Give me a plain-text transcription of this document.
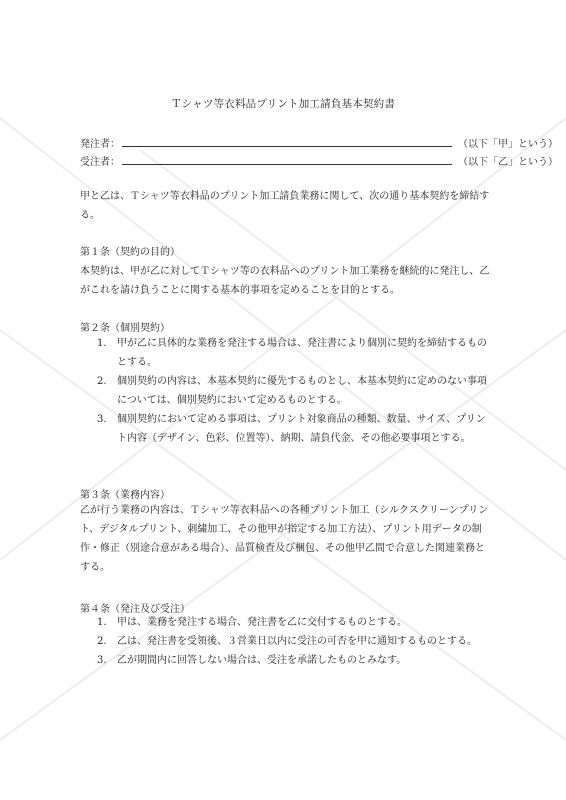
Ｔシャツ等衣料品プリント加工請負基本契約書
発注者：	（以下「甲」という）
受注者：	（以下「乙」という）
甲と乙は、Ｔシャツ等衣料品のプリント加工請負業務に関して、次の通り基本契約を締結する。
第１条（契約の目的）
本契約は、甲が乙に対してＴシャツ等の衣料品へのプリント加工業務を継続的に発注し、乙がこれを請け負うことに関する基本的事項を定めることを目的とする。
第２条（個別契約）
1. 甲が乙に具体的な業務を発注する場合は、発注書により個別に契約を締結するものとする。
2. 個別契約の内容は、本基本契約に優先するものとし、本基本契約に定めのない事項については、個別契約において定めるものとする。
3. 個別契約において定める事項は、プリント対象商品の種類、数量、サイズ、プリント内容（デザイン、色彩、位置等）、納期、請負代金、その他必要事項とする。
第３条（業務内容）
乙が行う業務の内容は、Ｔシャツ等衣料品への各種プリント加工（シルクスクリーンプリント、デジタルプリント、刺繍加工、その他甲が指定する加工方法）、プリント用データの制作・修正（別途合意がある場合）、品質検査及び梱包、その他甲乙間で合意した関連業務とする。
第４条（発注及び受注）
1. 甲は、業務を発注する場合、発注書を乙に交付するものとする。
2. 乙は、発注書を受領後、３営業日以内に受注の可否を甲に通知するものとする。
3. 乙が期間内に回答しない場合は、受注を承諾したものとみなす。
